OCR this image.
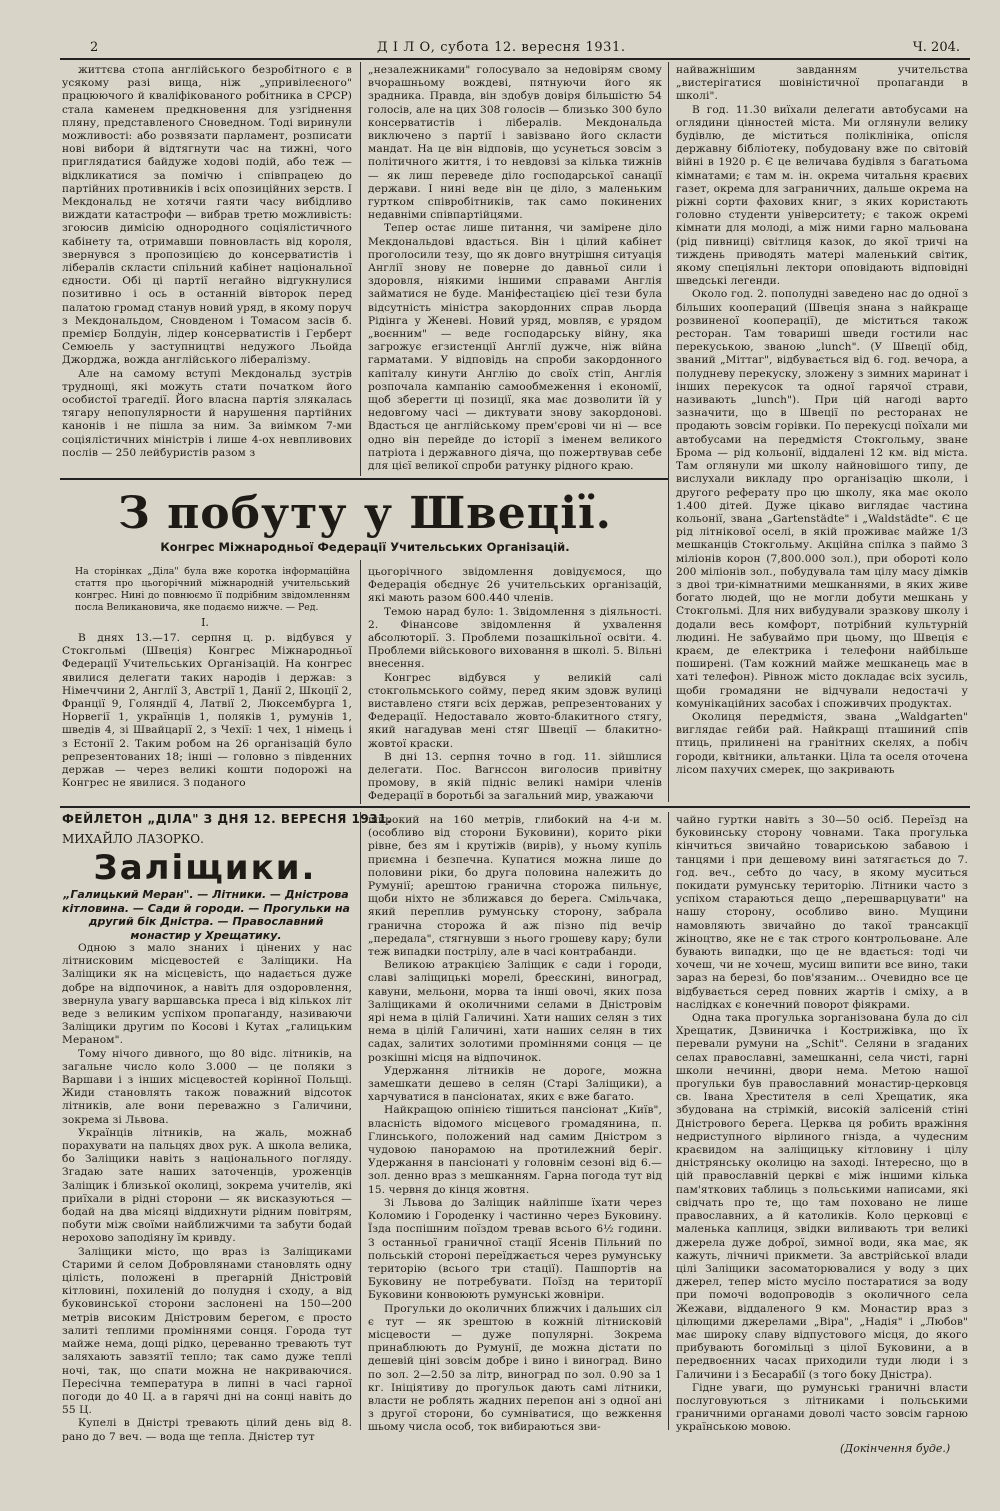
2	Д І Л О, субота 12. вересня 1931.	Ч. 204.

життєва стопа англійського безробітного є в усякому разі вища, ніж „упривілеєного" працюючого й кваліфікованого робітника в СРСР) стала каменем предкновення для узгіднення пляну, представленого Сноведном. Тоді виринули можливості: або розвязати парламент, розписати нові вибори й відтягнути час на тижні, чого приглядатися байдуже ходові подій, або теж — відкликатися за помічю і співпрацею до партійних противників і всіх опозиційних зерств. І Мекдональд не хотячи гаяти часу вибідливо виждати катастрофи — вибрав третю можливість: згоюсив димісію однородного соціялістичного кабінету та, отримавши повновласть від короля, звернувся з пропозицією до консерватистів і лібералів скласти спільний кабінет національної єдности. Обі ці партії негайно відгукнулися позитивно і ось в останній вівторок перед палатою громад станув новий уряд, в якому поруч з Мекдональдом, Сновденом і Томасом засів б. премієр Болдуін, лідер консерватистів і Герберт Семюель у заступництві недужого Льойда Джорджа, вожда англійського лібералізму.

Але на самому вступі Мекдональд зустрів труднощі, які можуть стати початком його особистої трагедії. Його власна партія злякалась тягару непопулярности й нарушення партійних канонів і не пішла за ним. За виімком 7-ми соціялістичних міністрів і лише 4-ох невпливових послів — 250 лейбуристів разом з

„незалежниками" голосувало за недовірям свому вчорашньому вождеві, пятнуючи його як зрадника. Правда, він здобув довіря більшістю 54 голосів, але на цих 308 голосів — близько 300 було консерватистів і лібералів. Мекдональда виключено з партії і завізвано його скласти мандат. На це він відповів, що усунеться зовсім з політичного життя, і то невдовзі за кілька тижнів — як лиш переведе діло господарської санації держави. І нині веде він це діло, з маленьким гуртком співробітників, так само покинених недавніми співпартійцями.

Тепер остає лише питання, чи замірене діло Мекдональдові вдасться. Він і цілий кабінет проголосили тезу, що як довго внутрішня ситуація Англії знову не поверне до давньої сили і здоровля, ніякими іншими справами Англія займатися не буде. Маніфестацією цієї тези була відсутність міністра закордонних справ льорда Рідінга у Женеві. Новий уряд, мовляв, є урядом „воєнним" — веде господарську війну, яка загрожує егзистенції Англії дужче, ніж війна гарматами. У відповідь на спроби закордонного капіталу кинути Англію до своїх стіп, Англія розпочала кампанію самообмеження і економії, щоб зберегти ці позиції, яка має дозволити їй у недовгому часі — диктувати знову закордонові. Вдасться це англійському прем'єрові чи ні — все одно він перейде до історії з іменем великого патріота і державного діяча, що пожертвував себе для цієї великої спроби ратунку рідного краю.

найважнішим завданням учительства „вистерігатися шовіністичної пропаганди в школі".

В год. 11.30 виїхали делегати автобусами на оглядини цінностей міста. Ми оглянули велику будівлю, де міститься поліклініка, опісля державну бібліотеку, побудовану вже по світовій війні в 1920 р. Є це величава будівля з багатьома кімнатами; є там м. ін. окрема читальня краєвих газет, окрема для заграничних, дальше окрема на ріжні сорти фахових книг, з яких користають головно студенти університету; є також окремі кімнати для молоді, а між ними гарно мальована (рід пивниці) світлиця казок, до якої тричі на тиждень приводять матері маленький світик, якому спеціяльні лектори оповідають відповідні шведські легенди.

Около год. 2. пополудні заведено нас до одної з більших коопераций (Швеція знана з найкраще розвиненої кооперації), де міститься також ресторан. Там товариші шведи гостили нас перекуською, званою „lunch". (У Швеції обід, званий „Міттаг", відбувається від 6. год. вечора, а полудневу перекуску, зложену з зимних маринат і інших перекусок та одної гарячої страви, називають „lunch"). При цій нагоді варто зазначити, що в Швеції по ресторанах не продають зовсім горівки. По перекусці поїхали ми автобусами на передмістя Стокгольму, зване Брома — рід кольонії, віддалені 12 км. від міста. Там оглянули ми школу найновішого типу, де вислухали викладу про організацію школи, і другого реферату про цю школу, яка має около 1.400 дітей. Дуже цікаво виглядає частина кольонії, звана „Gartenstädte" і „Waldstädte". Є це рід літнікової оселі, в якій проживає майже 1/3 мешканців Стокгольму. Акційна спілка з паймо 3 міліонів корон (7,800.000 зол.), при обороті коло 200 міліонів зол., побудувала там цілу масу дімків з двоі три-кімнатними мешканнями, в яких живе богато людей, що не могли добути мешкань у Стокгольмі. Для них вибудували зразкову школу і додали весь комфорт, потрібний культурній людині. Не забуваймо при цьому, що Швеція є краєм, де електрика і телефони найбільше поширені. (Там кожний майже мешканець має в хаті телефон). Рівнож місто докладає всіх зусиль, щоби громадяни не відчували недостачі у комунікаційних засобах і споживчих продуктах.

Околиця передмістя, звана „Waldgarten" виглядає гейби рай. Найкращі пташиний спів птиць, прилинені на гранітних скелях, а побіч городи, квітники, альтанки. Ціла та оселя оточена лісом пахучих смерек, що закривають

З побуту у Швеції.
Конгрес Міжнародньої Федерації Учительських Організацій.
На сторінках „Діла" була вже коротка інформаційна стаття про цьогорічний міжнародній учительський конгрес. Нині до повнюємо її подрібним звідомленням посла Великановича, яке подаємо нижче. — Ред.
I.

В днях 13.—17. серпня ц. р. відбувся у Стокгольмі (Швеція) Конгрес Міжнародньої Федерації Учительських Організацій. На конгрес явилися делегати таких народів і держав: з Німеччини 2, Англії 3, Австрії 1, Данії 2, Шкоції 2, Франції 9, Голяндії 4, Латвії 2, Люксембурга 1, Норвегії 1, українців 1, поляків 1, румунів 1, шведів 4, зі Швайцарії 2, з Чехії: 1 чех, 1 німець і з Естонії 2. Таким робом на 26 організацій було репрезентованих 18; інші — головно з південних держав — через великі кошти подорожі на Конгрес не явилися. З поданого

цьогорічного звідомлення довідуємося, що Федерація обєднує 26 учительських організацій, які мають разом 600.440 членів.

Темою нарад було: 1. Звідомлення з діяльності. 2. Фінансове звідомлення й ухвалення абсолюторії. 3. Проблеми позашкільної освіти. 4. Проблеми військового виховання в школі. 5. Вільні внесення.

Конгрес відбувся у великій салі стокгольмського сойму, перед яким здовж вулиці виставлено стяги всіх держав, репрезентованих у Федерації. Недоставало жовто-блакитного стягу, який нагадував мені стяг Швеції — блакитно-жовтої краски.

В дні 13. серпня точно в год. 11. зійшлися делегати. Пос. Вагнссон виголосив привітну промову, в якій підніс великі наміри членів Федерації в боротьбі за загальний мир, уважаючи

ФЕЙЛЕТОН „ДІЛА" З ДНЯ 12. ВЕРЕСНЯ 1931.
МИХАЙЛО ЛАЗОРКО.
Заліщики.
„Галицький Меран". — Літники. — Дністрова кітловина. — Сади й городи. — Прогульки на другий бік Дністра. — Православний монастир у Хрещатику.

Одною з мало знаних і цінених у нас літнисковим місцевостей є Заліщики. На Заліщики як на місцевість, що надається дуже добре на відпочинок, а навіть для оздоровлення, звернула увагу варшавська преса і від кількох літ веде з великим успіхом пропаганду, називаючи Заліщики другим по Косові і Кутах „галицьким Мераном".

Тому нічого дивного, що 80 відс. літників, на загальне число коло 3.000 — це поляки з Варшави і з інших місцевостей корінної Польщі. Жиди становлять також поважний відсоток літників, але вони переважно з Галичини, зокрема зі Львова.

Українців літників, на жаль, можнаб порахувати на пальцях двох рук. А школа велика, бо Заліщики навіть з національного погляду. Згадаю зате наших заточенців, уроженців Заліщик і близької околиці, зокрема учителів, які приїхали в рідні сторони — як висказуються — бодай на два місяці віддихнути рідним повітрям, побути між своїми найближчими та забути бодай нерохово заподіяну їм кривду.

Заліщики місто, що враз із Заліщиками Старими й селом Добровлянами становлять одну цілість, положені в прегарній Дністровій кітловині, похиленій до полудня і сходу, а від буковинської сторони заслонені на 150—200 метрів високим Дністровим берегом, є просто залиті теплими проміннями сонця. Города тут майже нема, дощі рідко, цереванно тревають тут заляхають завзятії тепло; так само дуже теплі ночі, так, що спати можна не накриваючися. Пересічна температура в липні в часі гарної погоди до 40 Ц. а в гарячі дні на сонці навіть до 55 Ц.

Купелі в Дністрі тревають цілий день від 8. рано до 7 веч. — вода ще тепла. Дністер тут

широкий на 160 метрів, глибокий на 4-и м. (особливо від сторони Буковини), корито ріки рівне, без ям і крутіжів (вирів), у ньому купіль приємна і безпечна. Купатися можна лише до половини ріки, бо друга половина належить до Румунії; арештою гранична сторожа пильнує, щоби ніхто не зближався до берега. Смільчака, який переплив румунську сторону, забрала гранична сторожа й аж пізно під вечір „передала", стягнувши з нього грошеву кару; були теж випадки пострілу, але в часі контрабанди.

Великою атракцією Заліщик є сади і городи, славі заліщицькі морелі, бреєскині, виноград, кавуни, мельони, морва та інші овочі, яких поза Заліщиками й околичними селами в Дністровім ярі нема в цілій Галичині. Хати наших селян з тих нема в цілій Галичині, хати наших селян в тих садах, залитих золотими проміннями сонця — це розкішні місця на відпочинок.

Удержання літників не дороге, можна замешкати дешево в селян (Старі Заліщики), а харчуватися в пансіонатах, яких є вже багато.

Найкращою опінією тішиться пансіонат „Київ", власність відомого місцевого громадянина, п. Глинського, положений над самим Дністром з чудовою панорамою на протилежний беріг. Удержання в пансіонаті у головнім сезоні від 6.— зол. денно враз з мешканням. Гарна погода тут від 15. червня до кінця жовтня.

Зі Львова до Заліщик найліпше їхати через Коломию і Городенку і частинно через Буковину. Їзда поспішним поїздом тревав всього 6½ години. З останньої граничної стації Ясенів Пільний по польській стороні переїджається через румунську територію (всього три стації). Пашпортів на Буковину не потребувати. Поїзд на території Буковини конвоюють румунські жовніри.

Прогульки до околичних ближчих і дальших сіл є тут — як зрештою в кожній літнисковій місцевости — дуже популярні. Зокрема принаблюють до Румунії, де можна дістати по дешевій ціні зовсім добре і вино і виноград. Вино по зол. 2—2.50 за літр, виноград по зол. 0.90 за 1 кг. Ініціятиву до прогульок дають самі літники, власти не роблять жадних перепон ані з одної ані з другої сторони, бо сумніватися, що вежкення шьому числа особ, ток вибираються зви-

чайно гуртки навіть з 30—50 осіб. Переїзд на буковинську сторону човнами. Така прогулька кінчиться звичайно товариською забавою і танцями і при дешевому вині затягається до 7. год. веч., себто до часу, в якому муситься покидати румунську територію. Літники часто з успіхом стараються дещо „перешварцувати" на нашу сторону, особливо вино. Мущини намовляють звичайно до такої трансакції жіноцтво, яке не є так строго контрольоване. Але бувають випадки, що це не вдається: тоді чи хочеш, чи не хочеш, мусиш випити все вино, таки зараз на березі, бо пов'язаним... Очевидно все це відбувається серед повних жартів і сміху, а в наслідках є конечний поворот фіякрами.

Одна така прогулька зорганізована була до сіл Хрещатик, Дзвиничка і Кострижівка, що їх перевали румуни на „Schit". Селяни в згаданих селах православні, замешканні, села чисті, гарні школи нечинні, двори нема. Метою нашої прогульки був православний монастир-церковця св. Івана Хрестителя в селі Хрещатик, яка збудована на стрімкій, високій залісеній стіні Дністрового берега. Церква ця робить вражіння недриступного вірлиного гнізда, а чудесним краєвидом на заліщицьку кітловину і цілу дністрянську околицю на заході. Інтересно, що в цій православній церкві є між іншими кілька пам'яткових таблиць з польськими написами, які свідчать про те, що там поховано не лише православних, а й католиків. Коло церковці є маленька каплиця, звідки виливають три великі джерела дуже доброї, зимної води, яка має, як кажуть, лічничі прикмети. За австрійської влади цілі Заліщики засоматорювалися у воду з цих джерел, тепер місто мусіло постаратися за воду при помочі водопроводів з околичного села Жежави, віддаленого 9 км. Монастир враз з цілющими джерелами „Віра", „Надія" і „Любов" має широку славу відпустового місця, до якого прибувають богомільці з цілої Буковини, а в передвоєнних часах приходили туди люди і з Галичини і з Бесарабії (з того боку Дністра).

Гідне уваги, що румунські граничні власти послуговуються з літниками і польськими граничними органами доволі часто зовсім гарною українською мовою.

(Докінчення буде.)
